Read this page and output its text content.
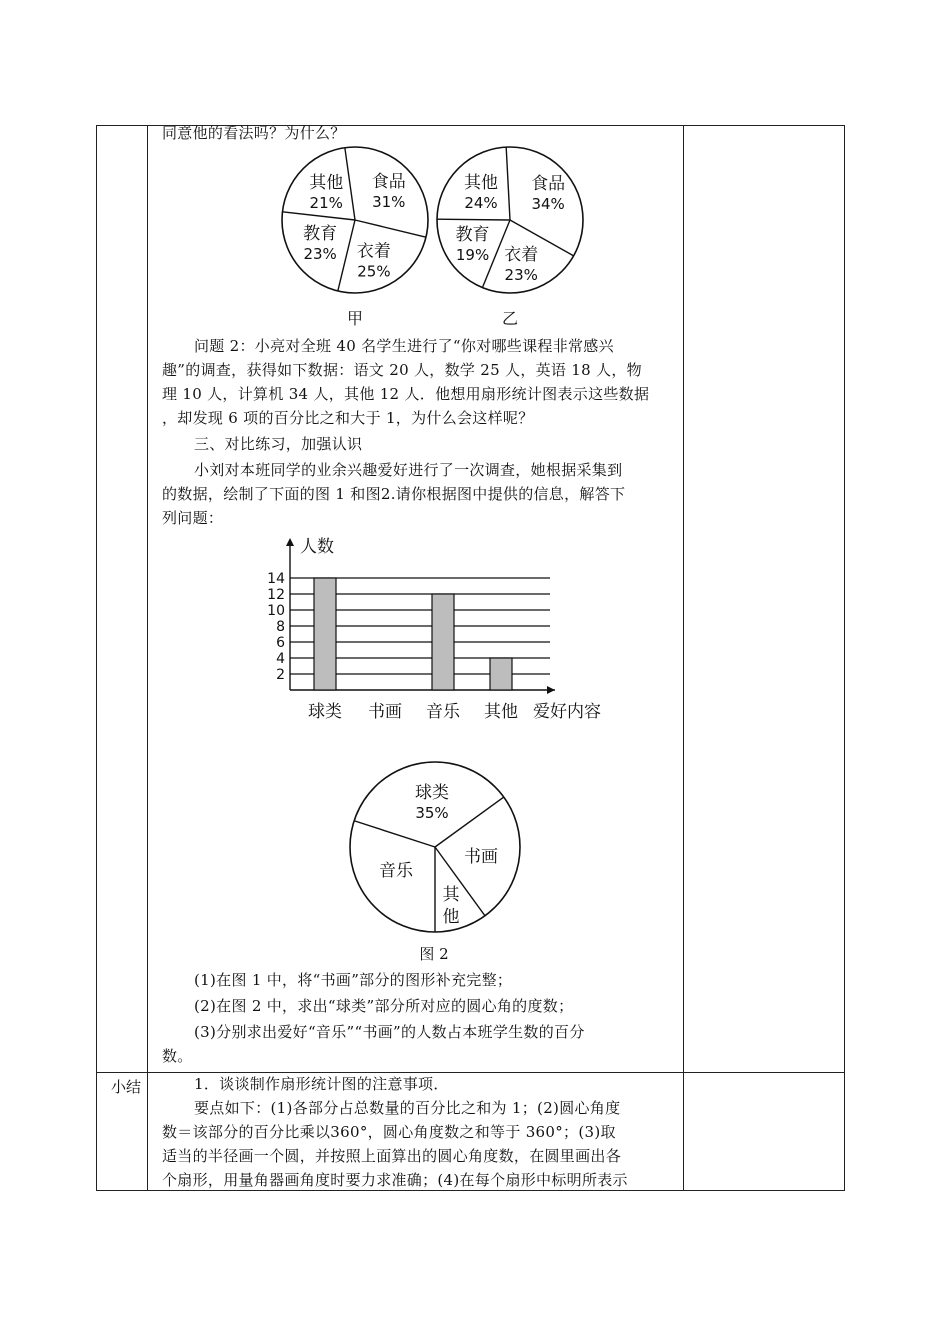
小结
同意他的看法吗？为什么？
食品
31%
衣着
25%
教育
23%
其他
21%
食品
34%
衣着
23%
教育
19%
其他
24%
甲	乙
问题 2：小亮对全班 40 名学生进行了“你对哪些课程非常感兴
趣”的调查，获得如下数据：语文 20 人，数学 25 人，英语 18 人，物
理 10 人，计算机 34 人，其他 12 人．他想用扇形统计图表示这些数据
，却发现 6 项的百分比之和大于 1，为什么会这样呢？
三、对比练习，加强认识
小刘对本班同学的业余兴趣爱好进行了一次调查，她根据采集到
的数据，绘制了下面的图 1 和图2.请你根据图中提供的信息，解答下
列问题：
2
4
6
8
10
12
14
人数
球类 书画 音乐 其他 爱好内容
球类
35%
书画
其
他
音乐
图 2
(1)在图 1 中，将“书画”部分的图形补充完整；
(2)在图 2 中，求出“球类”部分所对应的圆心角的度数；
(3)分别求出爱好“音乐”“书画”的人数占本班学生数的百分
数。
1．谈谈制作扇形统计图的注意事项．
要点如下：(1)各部分占总数量的百分比之和为 1；(2)圆心角度
数＝该部分的百分比乘以360°，圆心角度数之和等于 360°；(3)取
适当的半径画一个圆，并按照上面算出的圆心角度数，在圆里画出各
个扇形，用量角器画角度时要力求准确；(4)在每个扇形中标明所表示
